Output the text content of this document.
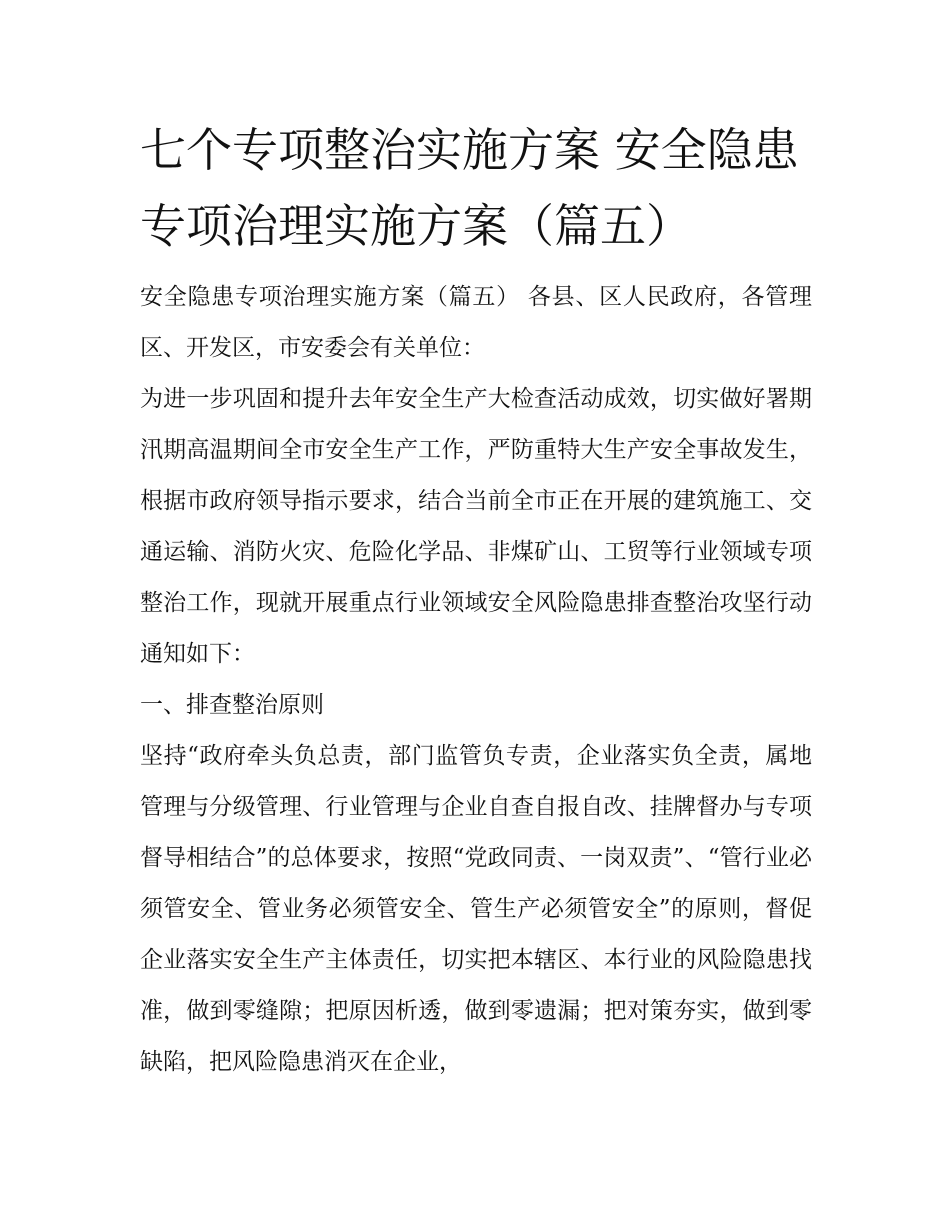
七个专项整治实施方案 安全隐患专项治理实施方案（篇五）

安全隐患专项治理实施方案（篇五） 各县、区人民政府，各管理区、开发区，市安委会有关单位：

为进一步巩固和提升去年安全生产大检查活动成效，切实做好署期汛期高温期间全市安全生产工作，严防重特大生产安全事故发生，根据市政府领导指示要求，结合当前全市正在开展的建筑施工、交通运输、消防火灾、危险化学品、非煤矿山、工贸等行业领域专项整治工作，现就开展重点行业领域安全风险隐患排查整治攻坚行动通知如下：

一、排查整治原则

坚持“政府牵头负总责，部门监管负专责，企业落实负全责，属地管理与分级管理、行业管理与企业自查自报自改、挂牌督办与专项督导相结合”的总体要求，按照“党政同责、一岗双责”、“管行业必须管安全、管业务必须管安全、管生产必须管安全”的原则，督促企业落实安全生产主体责任，切实把本辖区、本行业的风险隐患找准，做到零缝隙；把原因析透，做到零遗漏；把对策夯实，做到零缺陷，把风险隐患消灭在企业，
